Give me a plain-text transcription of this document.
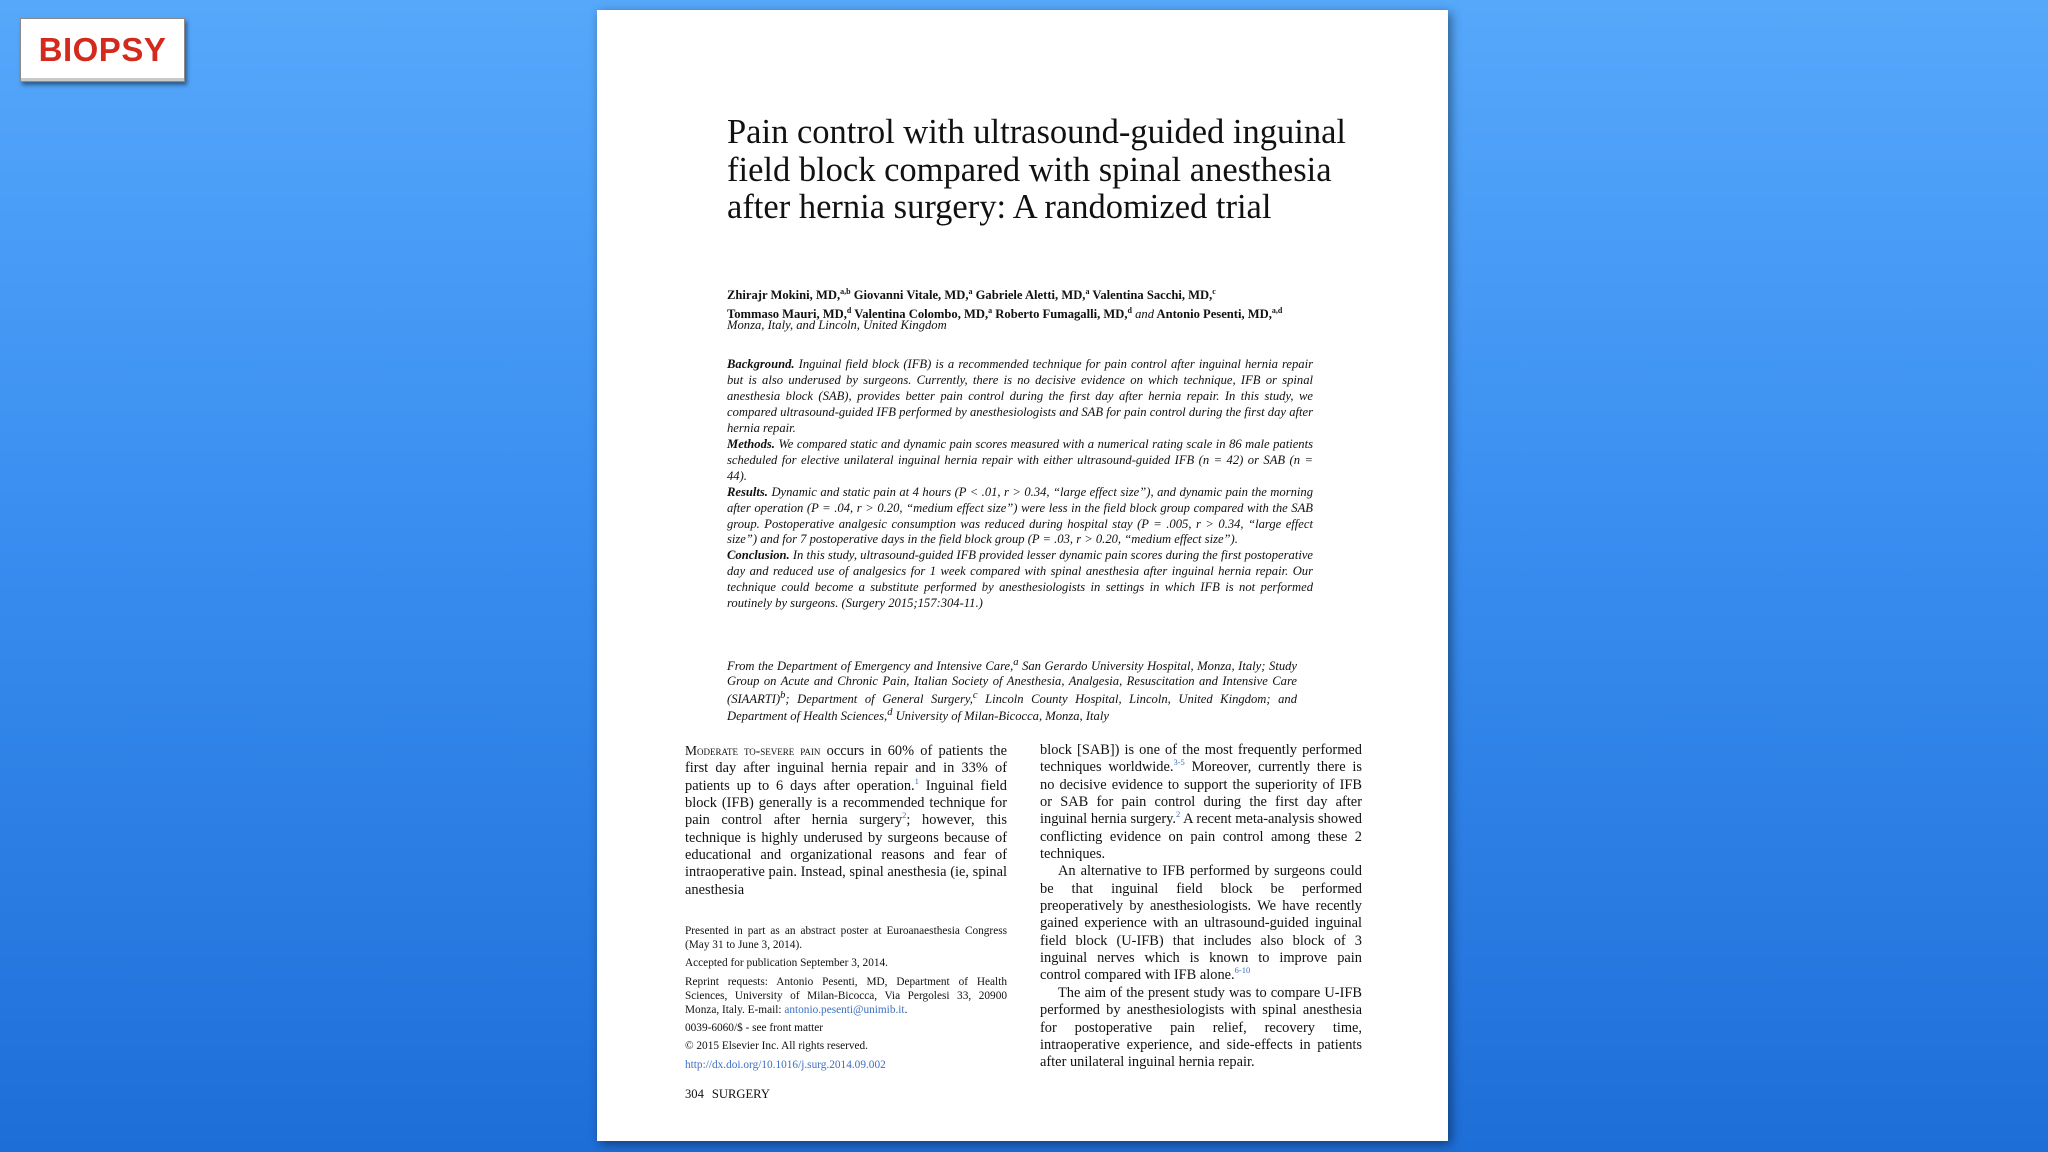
BIOPSY
Pain control with ultrasound-guided inguinal field block compared with spinal anesthesia after hernia surgery: A randomized trial
Zhirajr Mokini, MD,$^{a,b}$ Giovanni Vitale, MD,$^a$ Gabriele Aletti, MD,$^a$ Valentina Sacchi, MD,$^c$
Tommaso Mauri, MD,$^d$ Valentina Colombo, MD,$^a$ Roberto Fumagalli, MD,$^d$ and Antonio Pesenti, MD,$^{a,d}$
Monza, Italy, and Lincoln, United Kingdom

Background. Inguinal field block (IFB) is a recommended technique for pain control after inguinal hernia repair but is also underused by surgeons. Currently, there is no decisive evidence on which technique, IFB or spinal anesthesia block (SAB), provides better pain control during the first day after hernia repair. In this study, we compared ultrasound-guided IFB performed by anesthesiologists and SAB for pain control during the first day after hernia repair.

Methods. We compared static and dynamic pain scores measured with a numerical rating scale in 86 male patients scheduled for elective unilateral inguinal hernia repair with either ultrasound-guided IFB (n = 42) or SAB (n = 44).

Results. Dynamic and static pain at 4 hours (P < .01, r > 0.34, “large effect size”), and dynamic pain the morning after operation (P = .04, r > 0.20, “medium effect size”) were less in the field block group compared with the SAB group. Postoperative analgesic consumption was reduced during hospital stay (P = .005, r > 0.34, “large effect size”) and for 7 postoperative days in the field block group (P = .03, r > 0.20, “medium effect size”).

Conclusion. In this study, ultrasound-guided IFB provided lesser dynamic pain scores during the first postoperative day and reduced use of analgesics for 1 week compared with spinal anesthesia after inguinal hernia repair. Our technique could become a substitute performed by anesthesiologists in settings in which IFB is not performed routinely by surgeons. (Surgery 2015;157:304-11.)

From the Department of Emergency and Intensive Care,$^a$ San Gerardo University Hospital, Monza, Italy; Study Group on Acute and Chronic Pain, Italian Society of Anesthesia, Analgesia, Resuscitation and Intensive Care (SIAARTI)$^b$; Department of General Surgery,$^c$ Lincoln County Hospital, Lincoln, United Kingdom; and Department of Health Sciences,$^d$ University of Milan-Bicocca, Monza, Italy

Moderate to-severe pain occurs in 60% of patients the first day after inguinal hernia repair and in 33% of patients up to 6 days after operation.$^1$ Inguinal field block (IFB) generally is a recommended technique for pain control after hernia surgery$^2$; however, this technique is highly underused by surgeons because of educational and organizational reasons and fear of intraoperative pain. Instead, spinal anesthesia (ie, spinal anesthesia

block [SAB]) is one of the most frequently performed techniques worldwide.$^{3-5}$ Moreover, currently there is no decisive evidence to support the superiority of IFB or SAB for pain control during the first day after inguinal hernia surgery.$^2$ A recent meta-analysis showed conflicting evidence on pain control among these 2 techniques.

An alternative to IFB performed by surgeons could be that inguinal field block be performed preoperatively by anesthesiologists. We have recently gained experience with an ultrasound-guided inguinal field block (U-IFB) that includes also block of 3 inguinal nerves which is known to improve pain control compared with IFB alone.$^{6-10}$

The aim of the present study was to compare U-IFB performed by anesthesiologists with spinal anesthesia for postoperative pain relief, recovery time, intraoperative experience, and side-effects in patients after unilateral inguinal hernia repair.

Presented in part as an abstract poster at Euroanaesthesia Congress (May 31 to June 3, 2014).

Accepted for publication September 3, 2014.

Reprint requests: Antonio Pesenti, MD, Department of Health Sciences, University of Milan-Bicocca, Via Pergolesi 33, 20900 Monza, Italy. E-mail: antonio.pesenti@unimib.it.

0039-6060/$ - see front matter

© 2015 Elsevier Inc. All rights reserved.

http://dx.doi.org/10.1016/j.surg.2014.09.002

304 SURGERY
